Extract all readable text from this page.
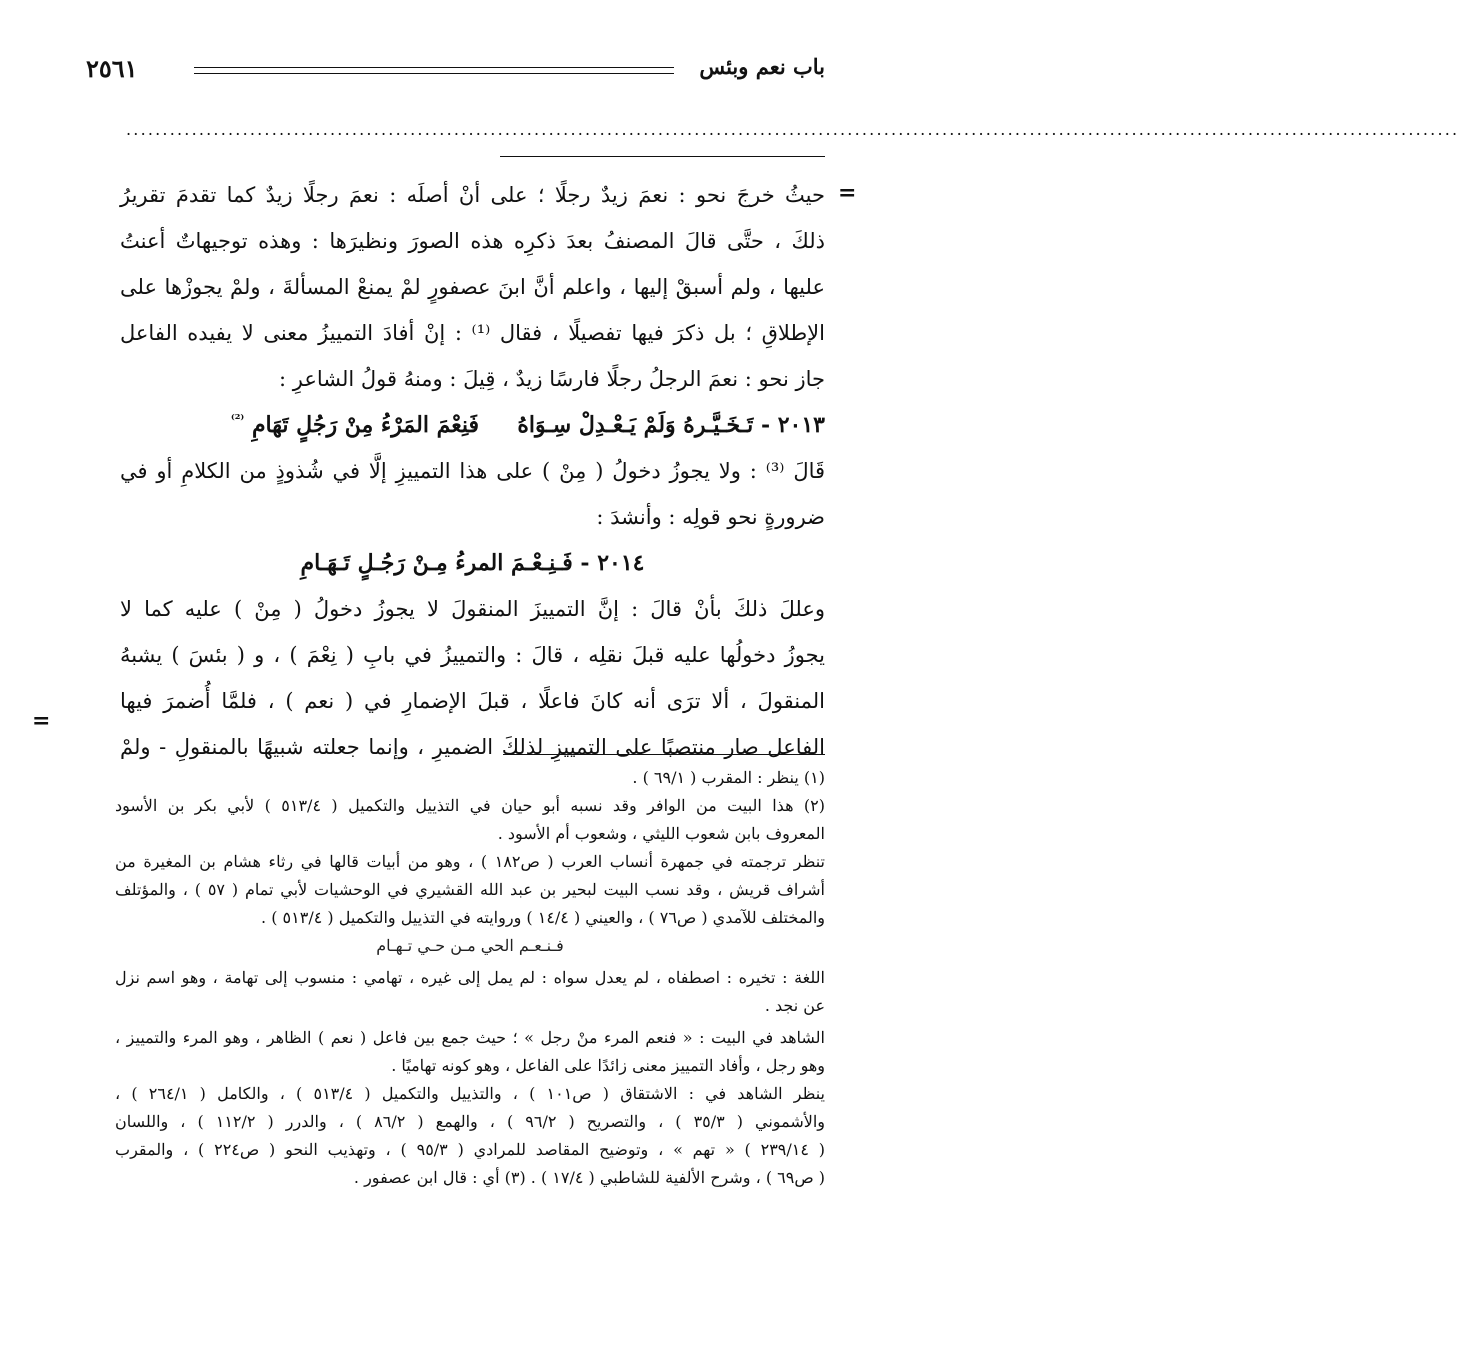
باب نعم وبئس
٢٥٦١
.......................................................................................................................................................................................
=
=
حيثُ خرجَ نحو : نعمَ زيدٌ رجلًا ؛ على أنْ أصلَه : نعمَ رجلًا زيدٌ كما تقدمَ تقريرُ
ذلكَ ، حتَّى قالَ المصنفُ بعدَ ذكرِه هذه الصورَ ونظيرَها : وهذه توجيهاتٌ أعنتُ
عليها ، ولم أسبقْ إليها ، واعلم أنَّ ابنَ عصفورٍ لمْ يمنعْ المسألةَ ، ولمْ يجوزْها على
الإطلاقِ ؛ بل ذكرَ فيها تفصيلًا ، فقال ⁽¹⁾ : إنْ أفادَ التمييزُ معنى لا يفيده الفاعل
جاز نحو : نعمَ الرجلُ رجلًا فارسًا زيدٌ ، قِيلَ : ومنهُ قولُ الشاعرِ :
٢٠١٣ - تَـخَـيَّـرهُ وَلَمْ يَـعْـدِلْ سِـوَاهُ     فَنِعْمَ المَرْءُ مِنْ رَجُلٍ تَهَامِ $^{^{(2)}}$
قَالَ ⁽³⁾ : ولا يجوزُ دخولُ ( مِنْ ) على هذا التمييزِ إلَّا في شُذوذٍ من الكلامِ أو في
ضرورةٍ نحو قولِه : وأنشدَ :
٢٠١٤ - فَـنِـعْـمَ المرءُ مِـنْ رَجُـلٍ تَـهَـامِ
وعللَ ذلكَ بأنْ قالَ : إنَّ التمييزَ المنقولَ لا يجوزُ دخولُ ( مِنْ ) عليه كما لا
يجوزُ دخولُها عليه قبلَ نقلِه ، قالَ : والتمييزُ في بابِ ( نِعْمَ ) ، و ( بئسَ ) يشبهُ
المنقولَ ، ألا ترَى أنه كانَ فاعلًا ، قبلَ الإضمارِ في ( نعم ) ، فلمَّا أُضمرَ فيها
الفاعل صار منتصبًا على التمييزِ لذلكَ الضميرِ ، وإنما جعلته شبيهًا بالمنقولِ - ولمْ
(١) ينظر : المقرب ( ٦٩/١ ) .
(٢) هذا البيت من الوافر وقد نسبه أبو حيان في التذييل والتكميل ( ٥١٣/٤ ) لأبي بكر بن الأسود
المعروف بابن شعوب الليثي ، وشعوب أم الأسود .
تنظر ترجمته في جمهرة أنساب العرب ( ص١٨٢ ) ، وهو من أبيات قالها في رثاء هشام بن المغيرة من
أشراف قريش ، وقد نسب البيت لبحير بن عبد الله القشيري في الوحشيات لأبي تمام ( ٥٧ ) ، والمؤتلف
والمختلف للآمدي ( ص٧٦ ) ، والعيني ( ١٤/٤ ) وروايته في التذييل والتكميل ( ٥١٣/٤ ) .
فـنـعـم الحي مـن حـي تـهـام
اللغة : تخيره : اصطفاه ، لم يعدل سواه : لم يمل إلى غيره ، تهامي : منسوب إلى تهامة ، وهو اسم نزل
عن نجد .
الشاهد في البيت : « فنعم المرء منْ رجل » ؛ حيث جمع بين فاعل ( نعم ) الظاهر ، وهو المرء والتمييز ،
وهو رجل ، وأفاد التمييز معنى زائدًا على الفاعل ، وهو كونه تهاميًا .
ينظر الشاهد في : الاشتقاق ( ص١٠١ ) ، والتذييل والتكميل ( ٥١٣/٤ ) ، والكامل ( ٢٦٤/١ ) ،
والأشموني ( ٣٥/٣ ) ، والتصريح ( ٩٦/٢ ) ، والهمع ( ٨٦/٢ ) ، والدرر ( ١١٢/٢ ) ، واللسان
( ٢٣٩/١٤ ) « تهم » ، وتوضيح المقاصد للمرادي ( ٩٥/٣ ) ، وتهذيب النحو ( ص٢٢٤ ) ، والمقرب
( ص٦٩ ) ، وشرح الألفية للشاطبي ( ١٧/٤ ) . (٣) أي : قال ابن عصفور .
